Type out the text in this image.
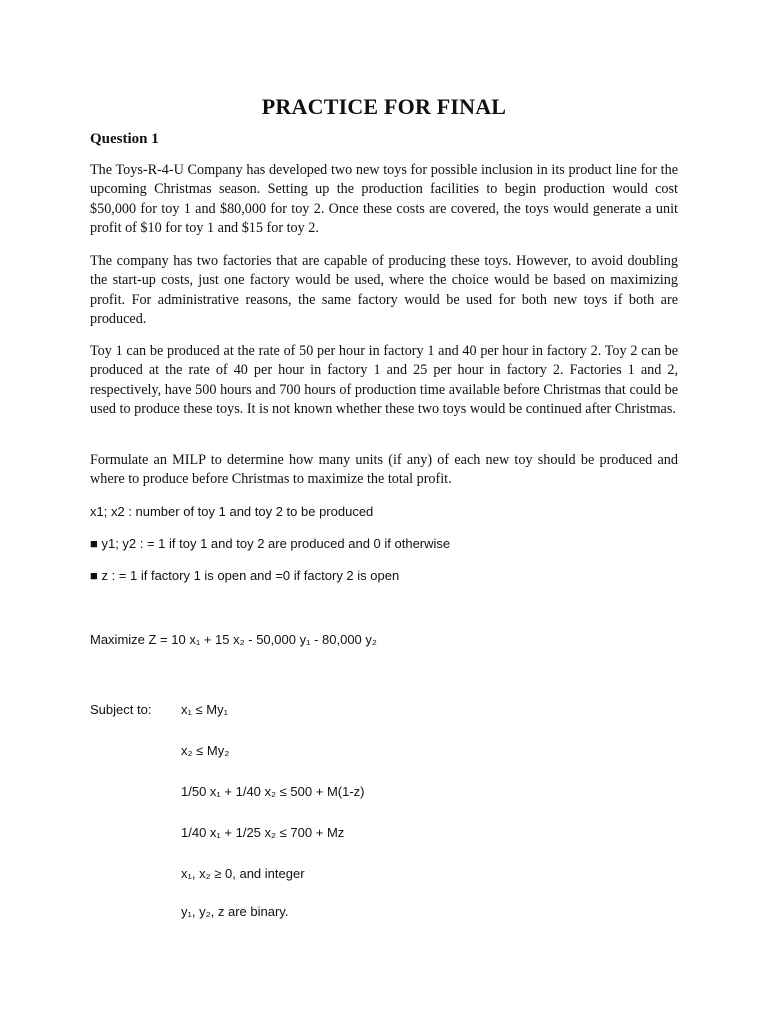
PRACTICE FOR FINAL
Question 1

The Toys-R-4-U Company has developed two new toys for possible inclusion in its product line for the upcoming Christmas season. Setting up the production facilities to begin production would cost $50,000 for toy 1 and $80,000 for toy 2. Once these costs are covered, the toys would generate a unit profit of $10 for toy 1 and $15 for toy 2.

The company has two factories that are capable of producing these toys. However, to avoid doubling the start-up costs, just one factory would be used, where the choice would be based on maximizing profit. For administrative reasons, the same factory would be used for both new toys if both are produced.

Toy 1 can be produced at the rate of 50 per hour in factory 1 and 40 per hour in factory 2. Toy 2 can be produced at the rate of 40 per hour in factory 1 and 25 per hour in factory 2. Factories 1 and 2, respectively, have 500 hours and 700 hours of production time available before Christmas that could be used to produce these toys. It is not known whether these two toys would be continued after Christmas.

Formulate an MILP to determine how many units (if any) of each new toy should be produced and where to produce before Christmas to maximize the total profit.

x1; x2 : number of toy 1 and toy 2 to be produced
■ y1; y2 : = 1 if toy 1 and toy 2 are produced and 0 if otherwise
■ z : = 1 if factory 1 is open and =0 if factory 2 is open
Maximize Z = 10 x₁ + 15 x₂ - 50,000 y₁ - 80,000 y₂
Subject to: x₁ ≤ My₁
x₂ ≤ My₂
1/50 x₁ + 1/40 x₂ ≤ 500 + M(1-z)
1/40 x₁ + 1/25 x₂ ≤ 700 + Mz
x₁, x₂ ≥ 0, and integer
y₁, y₂, z are binary.
